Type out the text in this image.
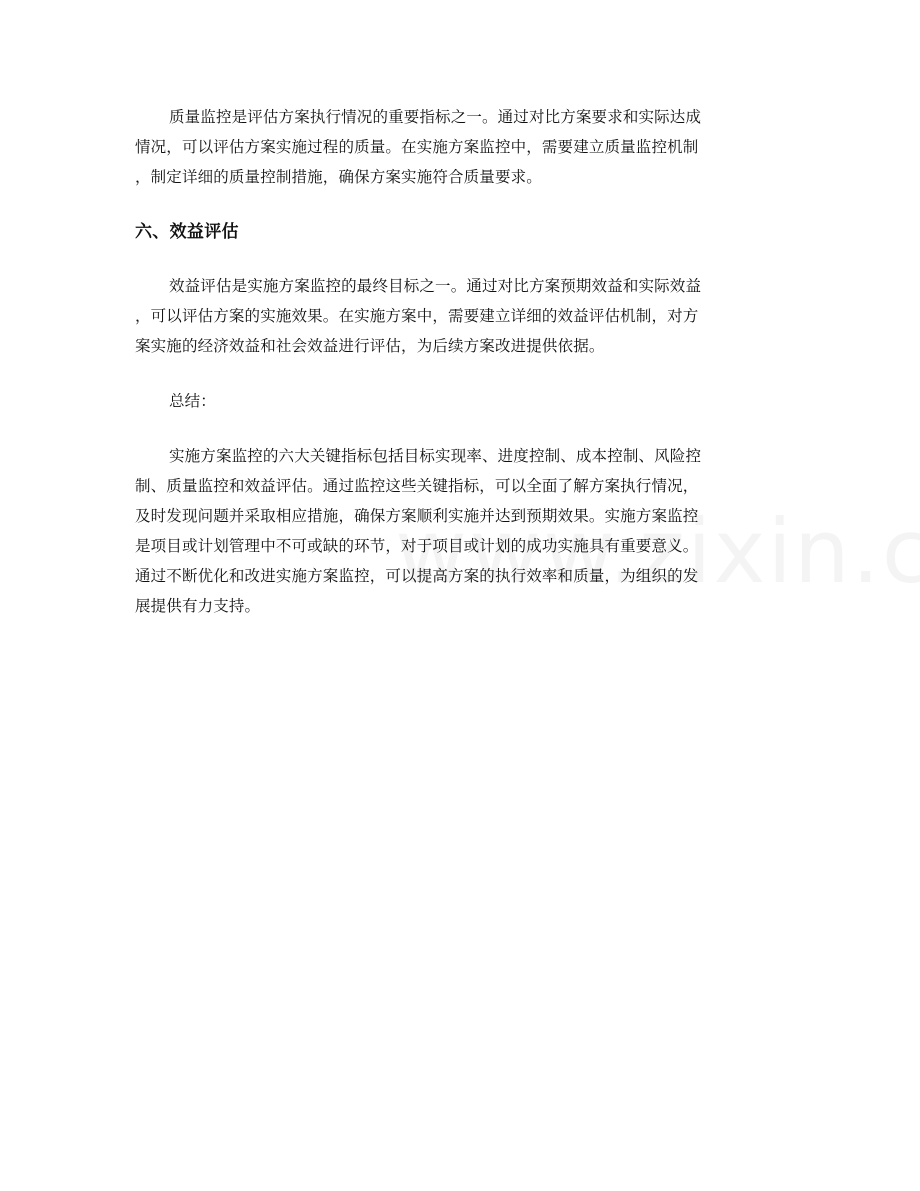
质量监控是评估方案执行情况的重要指标之一。通过对比方案要求和实际达成
情况，可以评估方案实施过程的质量。在实施方案监控中，需要建立质量监控机制
，制定详细的质量控制措施，确保方案实施符合质量要求。

六、效益评估

效益评估是实施方案监控的最终目标之一。通过对比方案预期效益和实际效益
，可以评估方案的实施效果。在实施方案中，需要建立详细的效益评估机制，对方
案实施的经济效益和社会效益进行评估，为后续方案改进提供依据。

总结：

实施方案监控的六大关键指标包括目标实现率、进度控制、成本控制、风险控
制、质量监控和效益评估。通过监控这些关键指标，可以全面了解方案执行情况，
及时发现问题并采取相应措施，确保方案顺利实施并达到预期效果。实施方案监控
是项目或计划管理中不可或缺的环节，对于项目或计划的成功实施具有重要意义。
通过不断优化和改进实施方案监控，可以提高方案的执行效率和质量，为组织的发
展提供有力支持。
